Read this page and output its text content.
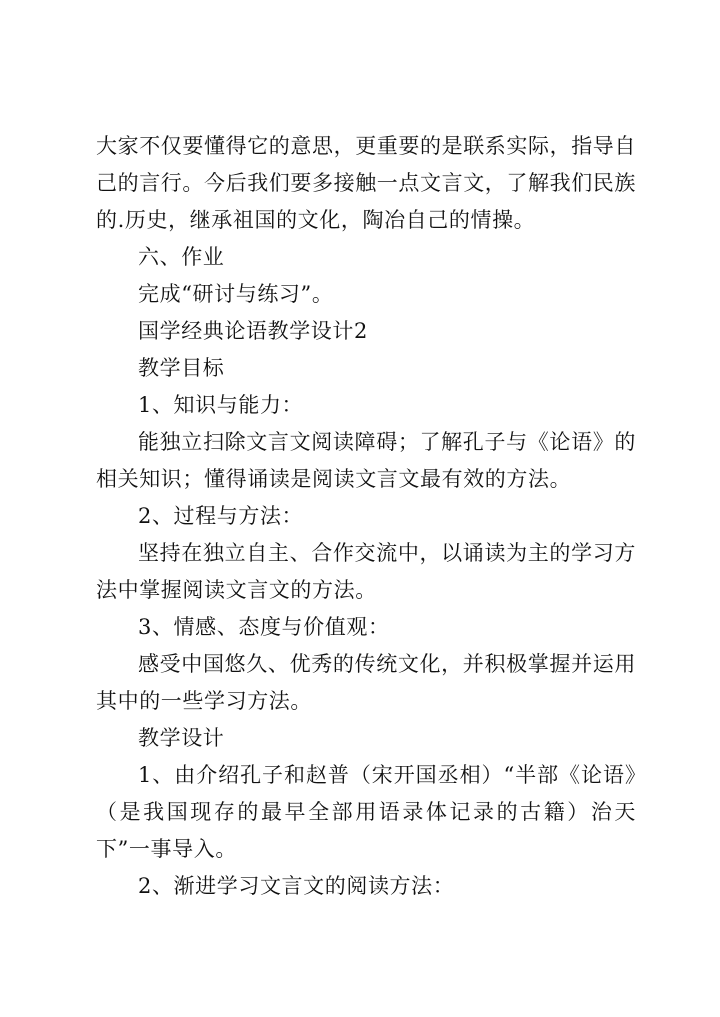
大家不仅要懂得它的意思，更重要的是联系实际，指导自己的言行。今后我们要多接触一点文言文，了解我们民族的.历史，继承祖国的文化，陶冶自己的情操。

六、作业

完成“研讨与练习”。

国学经典论语教学设计2

教学目标

1、知识与能力：

能独立扫除文言文阅读障碍；了解孔子与《论语》的相关知识；懂得诵读是阅读文言文最有效的方法。

2、过程与方法：

坚持在独立自主、合作交流中，以诵读为主的学习方法中掌握阅读文言文的方法。

3、情感、态度与价值观：

感受中国悠久、优秀的传统文化，并积极掌握并运用其中的一些学习方法。

教学设计

1、由介绍孔子和赵普（宋开国丞相）“半部《论语》（是我国现存的最早全部用语录体记录的古籍）治天下”一事导入。

2、渐进学习文言文的阅读方法：
